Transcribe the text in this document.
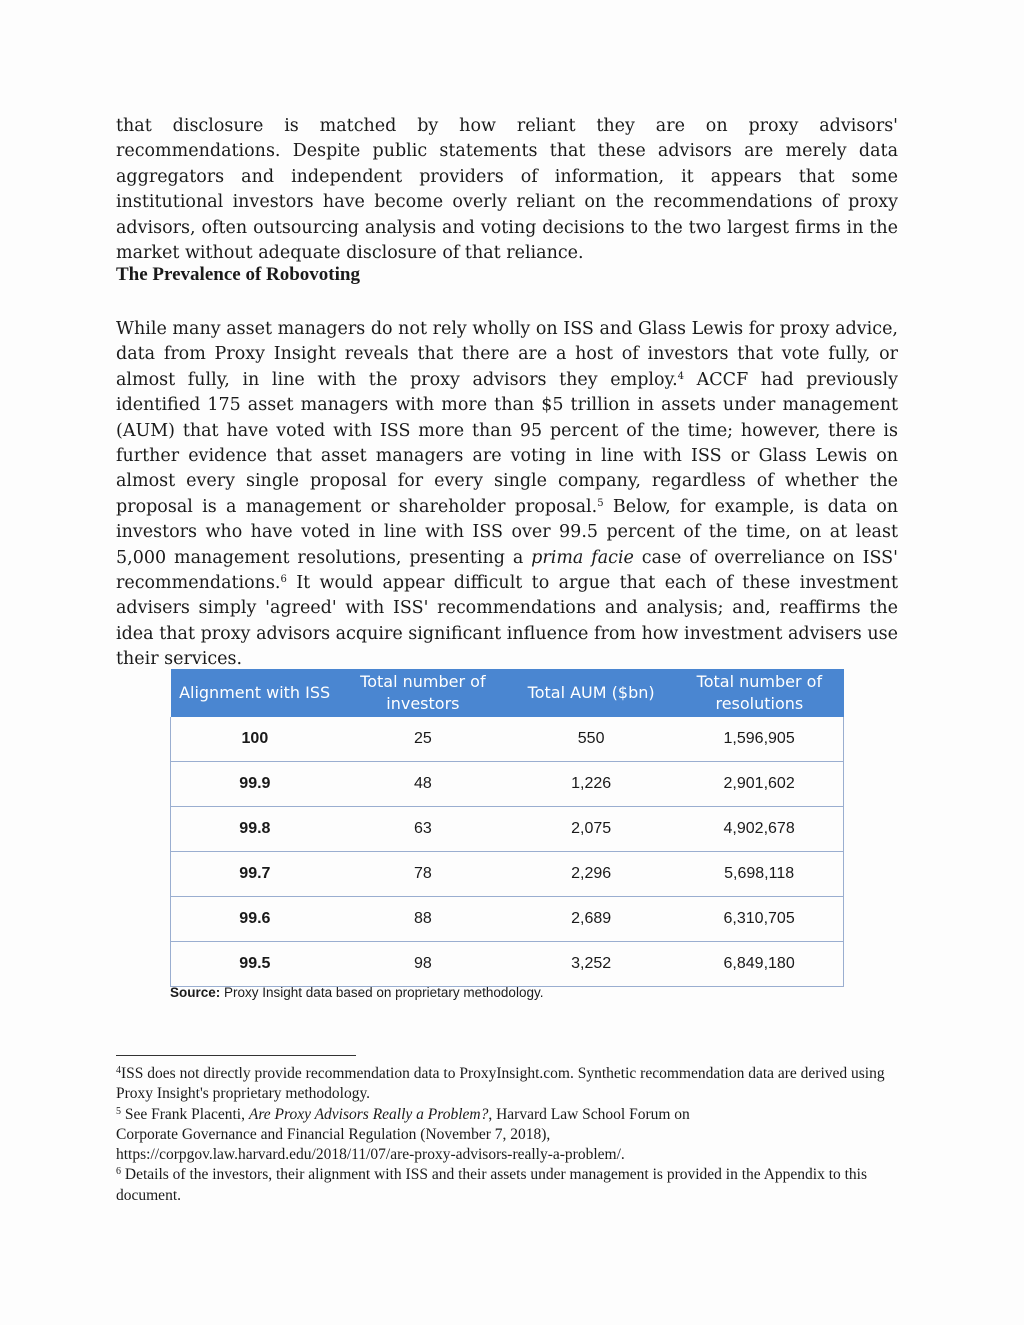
that disclosure is matched by how reliant they are on proxy advisors' recommendations. Despite public statements that these advisors are merely data aggregators and independent providers of information, it appears that some institutional investors have become overly reliant on the recommendations of proxy advisors, often outsourcing analysis and voting decisions to the two largest firms in the market without adequate disclosure of that reliance.

The Prevalence of Robovoting

While many asset managers do not rely wholly on ISS and Glass Lewis for proxy advice, data from Proxy Insight reveals that there are a host of investors that vote fully, or almost fully, in line with the proxy advisors they employ.$^4$ ACCF had previously identified 175 asset managers with more than $5 trillion in assets under management (AUM) that have voted with ISS more than 95 percent of the time; however, there is further evidence that asset managers are voting in line with ISS or Glass Lewis on almost every single proposal for every single company, regardless of whether the proposal is a management or shareholder proposal.$^5$ Below, for example, is data on investors who have voted in line with ISS over 99.5 percent of the time, on at least 5,000 management resolutions, presenting a prima facie case of overreliance on ISS' recommendations.$^6$ It would appear difficult to argue that each of these investment advisers simply 'agreed' with ISS' recommendations and analysis; and, reaffirms the idea that proxy advisors acquire significant influence from how investment advisers use their services.

Alignment with ISS	Total number of investors	Total AUM ($bn)	Total number of resolutions
100	25	550	1,596,905
99.9	48	1,226	2,901,602
99.8	63	2,075	4,902,678
99.7	78	2,296	5,698,118
99.6	88	2,689	6,310,705
99.5	98	3,252	6,849,180
Source: Proxy Insight data based on proprietary methodology.

$^4$ISS does not directly provide recommendation data to ProxyInsight.com. Synthetic recommendation data are derived using Proxy Insight's proprietary methodology.

$^5$ See Frank Placenti, Are Proxy Advisors Really a Problem?, Harvard Law School Forum on

Corporate Governance and Financial Regulation (November 7, 2018),

https://corpgov.law.harvard.edu/2018/11/07/are-proxy-advisors-really-a-problem/.

$^6$ Details of the investors, their alignment with ISS and their assets under management is provided in the Appendix to this document.
